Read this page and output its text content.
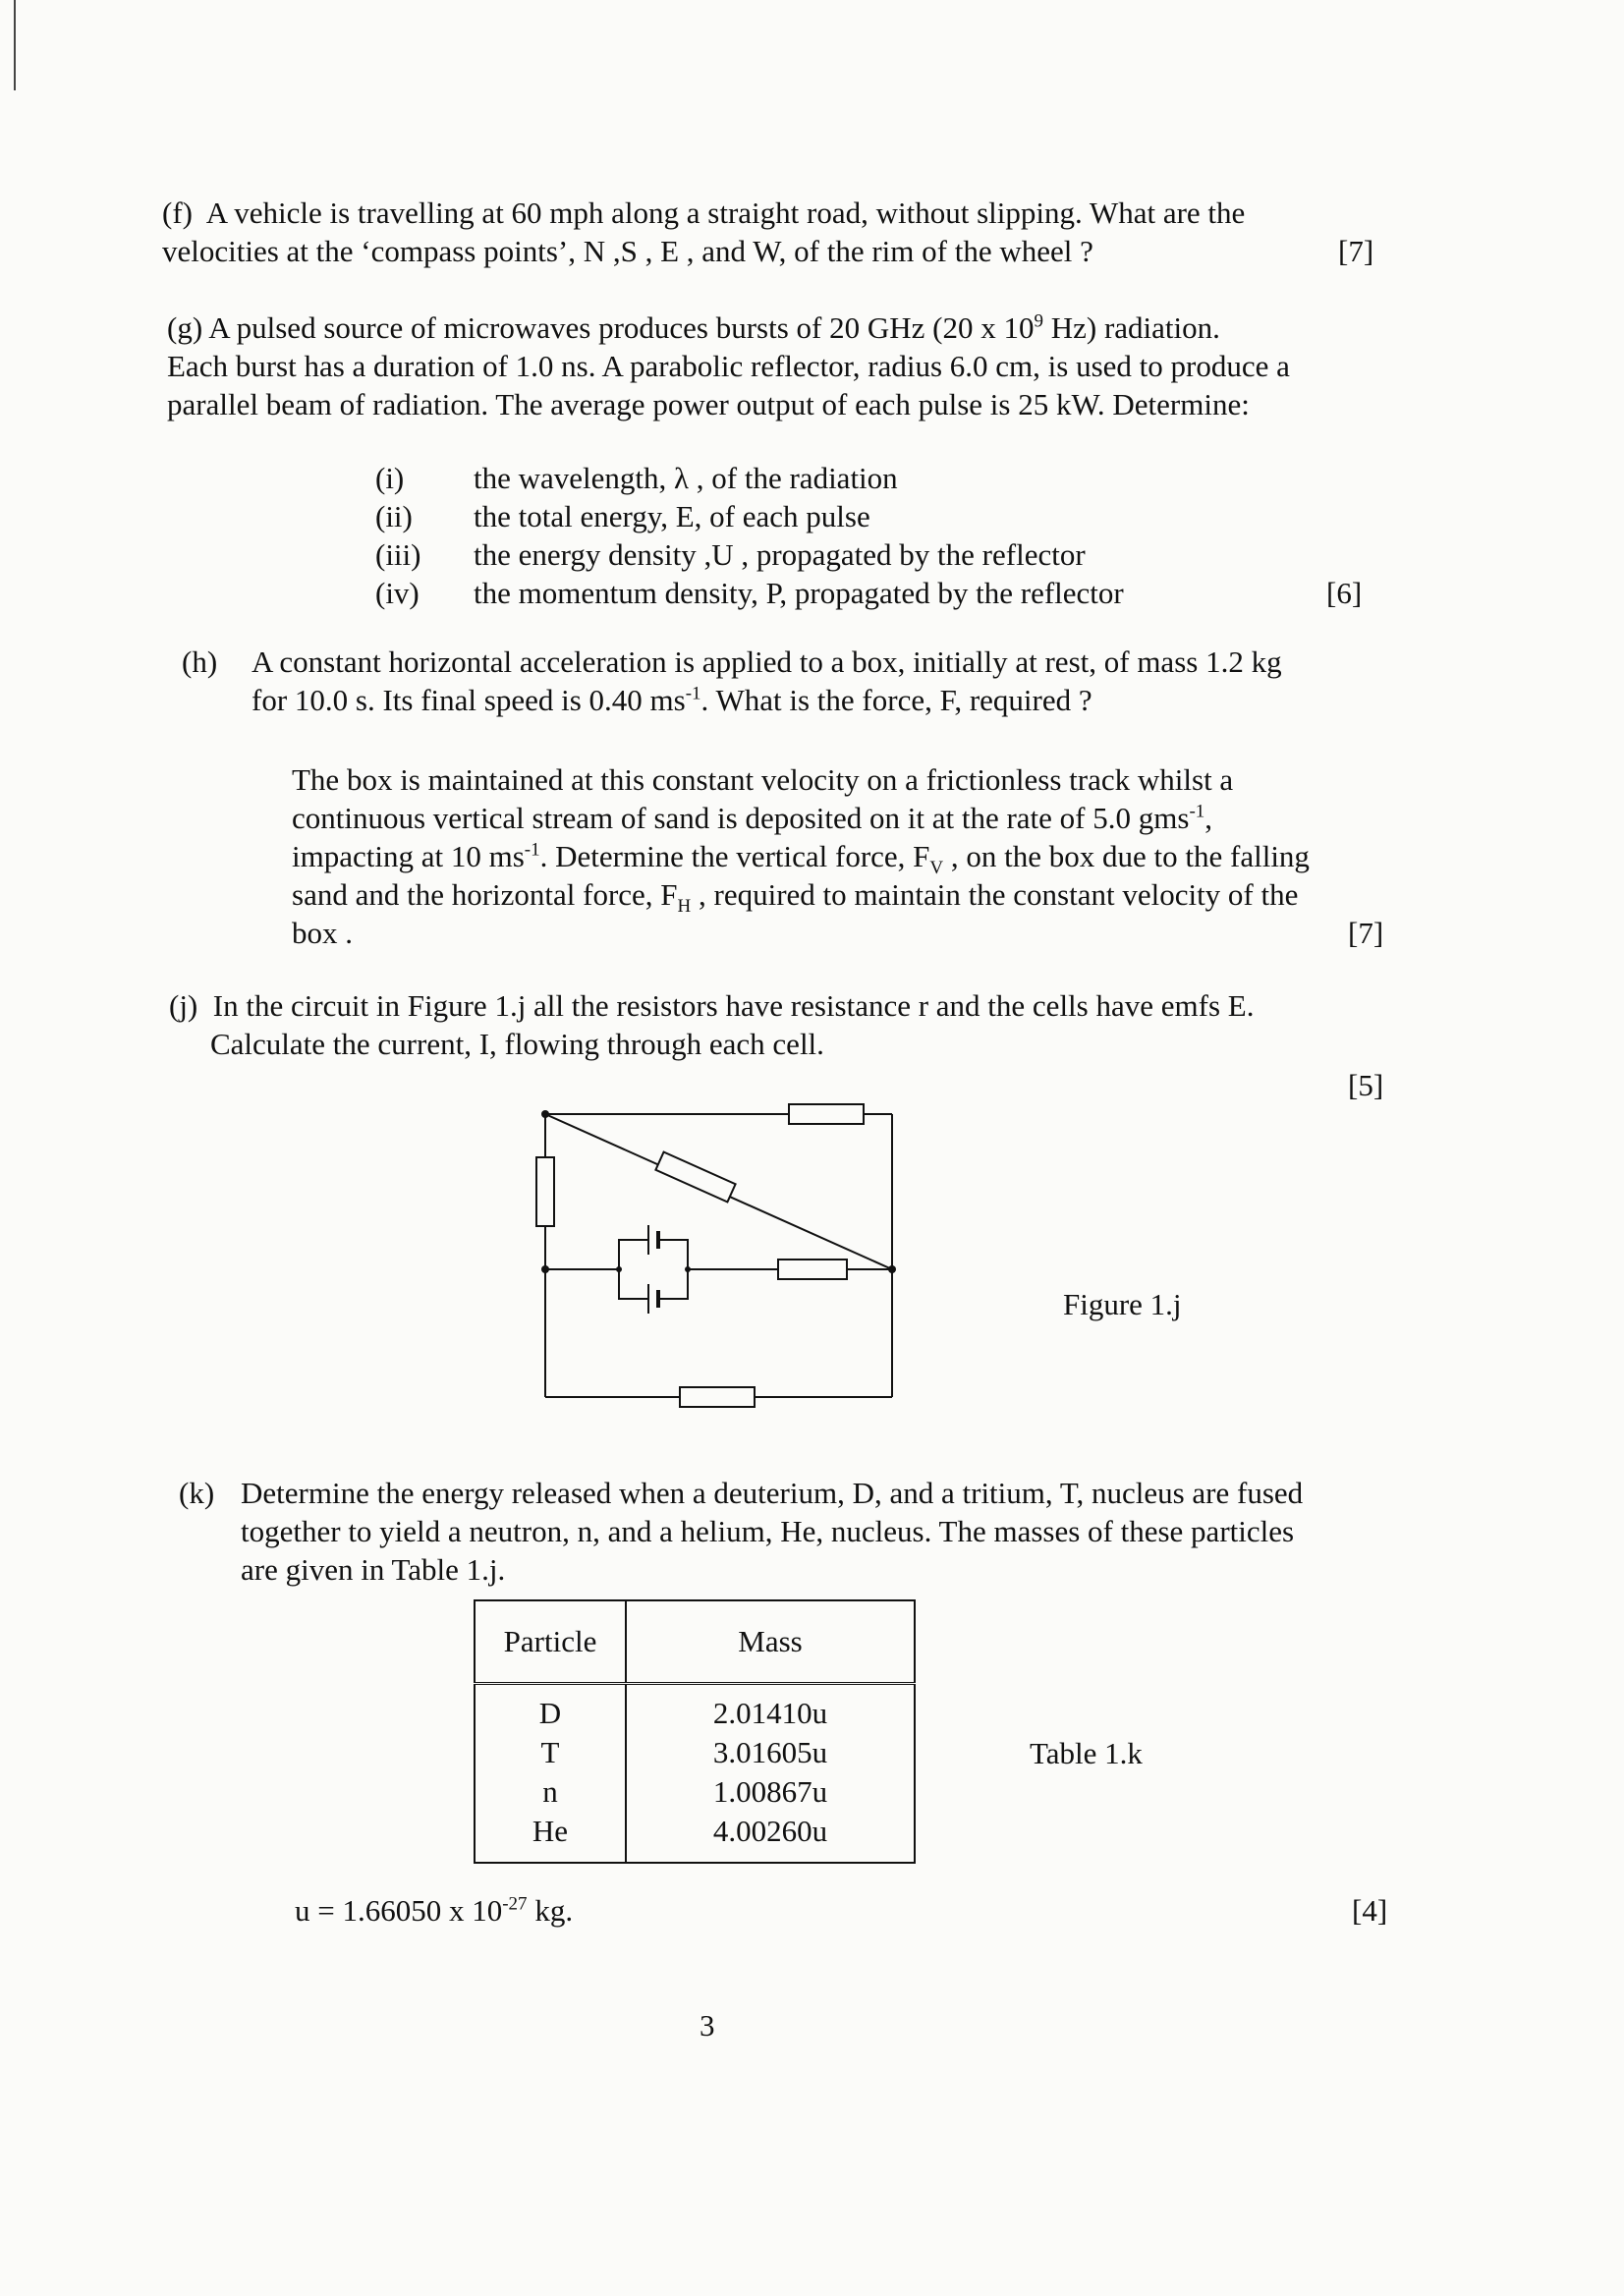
(f) A vehicle is travelling at 60 mph along a straight road, without slipping. What are the
velocities at the ‘compass points’, N ,S , E , and W, of the rim of the wheel ?	[7]
(g) A pulsed source of microwaves produces bursts of 20 GHz (20 x $10^9$ Hz) radiation.
Each burst has a duration of 1.0 ns. A parabolic reflector, radius 6.0 cm, is used to produce a
parallel beam of radiation. The average power output of each pulse is 25 kW. Determine:
(i)	the wavelength, λ , of the radiation
(ii)	the total energy, E, of each pulse
(iii)	the energy density ,U , propagated by the reflector
(iv)	the momentum density, P, propagated by the reflector	[6]
(h) A constant horizontal acceleration is applied to a box, initially at rest, of mass 1.2 kg
for 10.0 s. Its final speed is 0.40 $ms^{-1}$. What is the force, F, required ?
The box is maintained at this constant velocity on a frictionless track whilst a
continuous vertical stream of sand is deposited on it at the rate of 5.0 gms$^{-1}$,
impacting at 10 $ms^{-1}$. Determine the vertical force, $F_V$ , on the box due to the falling
sand and the horizontal force, $F_H$ , required to maintain the constant velocity of the
box .	[7]
(j) In the circuit in Figure 1.j all the resistors have resistance r and the cells have emfs E.
Calculate the current, I, flowing through each cell.
[5]
Figure 1.j
(k) Determine the energy released when a deuterium, D, and a tritium, T, nucleus are fused
together to yield a neutron, n, and a helium, He, nucleus. The masses of these particles
are given in Table 1.j.
Particle	Mass
D	2.01410u
T	3.01605u
n	1.00867u
He	4.00260u
Table 1.k
u = 1.66050 x $10^{-27}$ kg.	[4]
3
